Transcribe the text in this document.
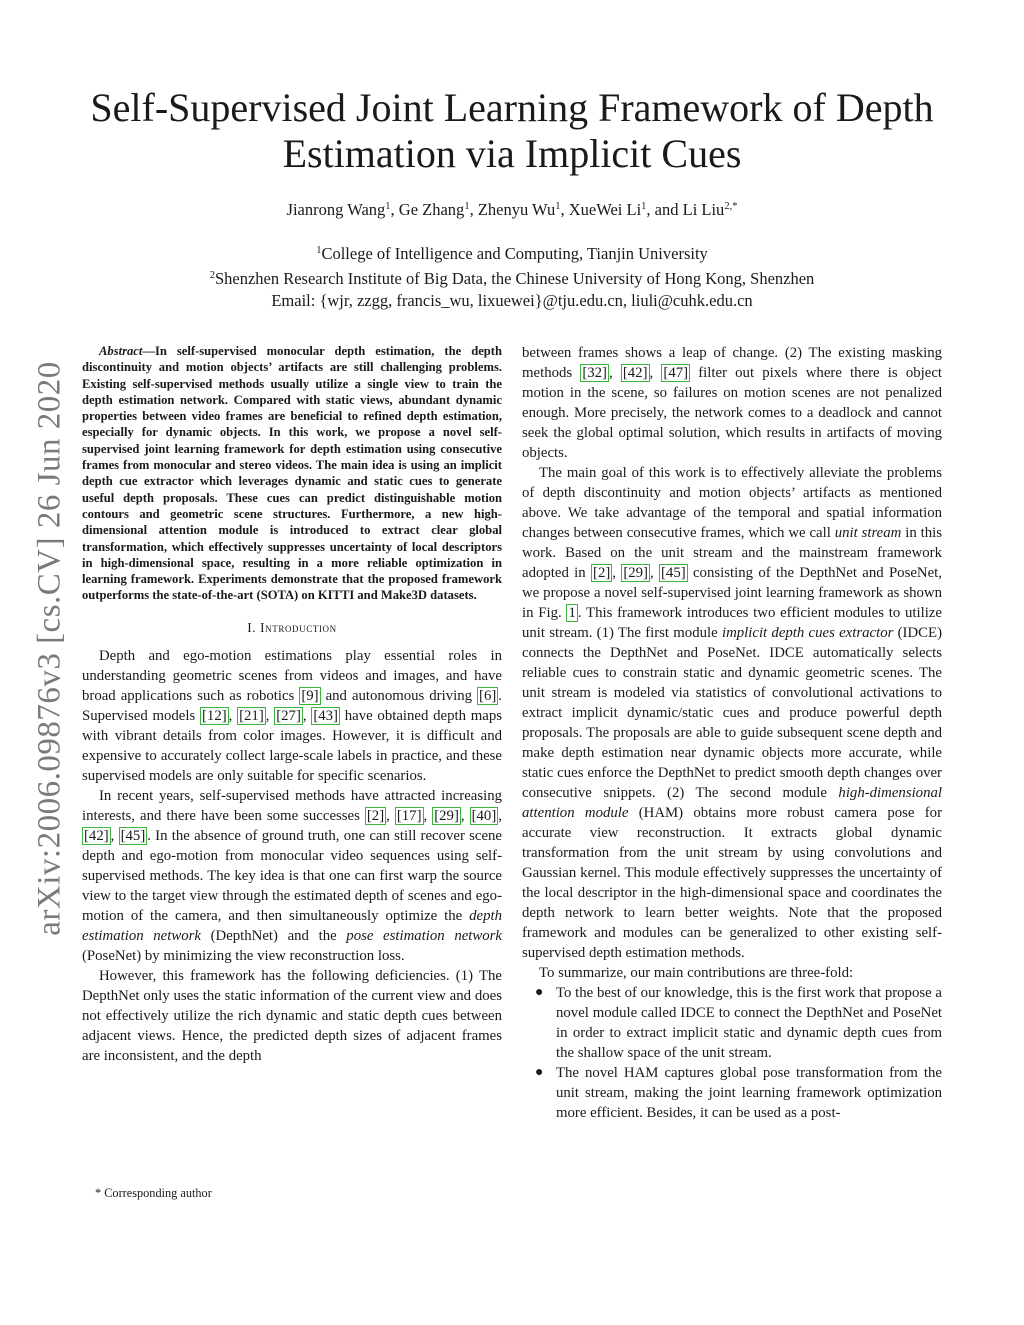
arXiv:2006.09876v3 [cs.CV] 26 Jun 2020
Self-Supervised Joint Learning Framework of Depth Estimation via Implicit Cues
Jianrong Wang$^1$, Ge Zhang$^1$, Zhenyu Wu$^1$, XueWei Li$^1$, and Li Liu$^{2,*}$
$^1$College of Intelligence and Computing, Tianjin University
$^2$Shenzhen Research Institute of Big Data, the Chinese University of Hong Kong, Shenzhen
Email: {wjr, zzgg, francis_wu, lixuewei}@tju.edu.cn, liuli@cuhk.edu.cn

Abstract—In self-supervised monocular depth estimation, the depth discontinuity and motion objects’ artifacts are still challenging problems. Existing self-supervised methods usually utilize a single view to train the depth estimation network. Compared with static views, abundant dynamic properties between video frames are beneficial to refined depth estimation, especially for dynamic objects. In this work, we propose a novel self-supervised joint learning framework for depth estimation using consecutive frames from monocular and stereo videos. The main idea is using an implicit depth cue extractor which leverages dynamic and static cues to generate useful depth proposals. These cues can predict distinguishable motion contours and geometric scene structures. Furthermore, a new high-dimensional attention module is introduced to extract clear global transformation, which effectively suppresses uncertainty of local descriptors in high-dimensional space, resulting in a more reliable optimization in learning framework. Experiments demonstrate that the proposed framework outperforms the state-of-the-art (SOTA) on KITTI and Make3D datasets.

I. Introduction

Depth and ego-motion estimations play essential roles in understanding geometric scenes from videos and images, and have broad applications such as robotics [9] and autonomous driving [6] . Supervised models [12] , [21] , [27] , [43] have obtained depth maps with vibrant details from color images. However, it is difficult and expensive to accurately collect large-scale labels in practice, and these supervised models are only suitable for specific scenarios.

In recent years, self-supervised methods have attracted increasing interests, and there have been some successes [2] , [17] , [29] , [40] , [42] , [45] . In the absence of ground truth, one can still recover scene depth and ego-motion from monocular video sequences using self-supervised methods. The key idea is that one can first warp the source view to the target view through the estimated depth of scenes and ego-motion of the camera, and then simultaneously optimize the depth estimation network (DepthNet) and the pose estimation network (PoseNet) by minimizing the view reconstruction loss.

However, this framework has the following deficiencies. (1) The DepthNet only uses the static information of the current view and does not effectively utilize the rich dynamic and static depth cues between adjacent views. Hence, the predicted depth sizes of adjacent frames are inconsistent, and the depth

between frames shows a leap of change. (2) The existing masking methods [32] , [42] , [47] filter out pixels where there is object motion in the scene, so failures on motion scenes are not penalized enough. More precisely, the network comes to a deadlock and cannot seek the global optimal solution, which results in artifacts of moving objects.

The main goal of this work is to effectively alleviate the problems of depth discontinuity and motion objects’ artifacts as mentioned above. We take advantage of the temporal and spatial information changes between consecutive frames, which we call unit stream in this work. Based on the unit stream and the mainstream framework adopted in [2] , [29] , [45] consisting of the DepthNet and PoseNet, we propose a novel self-supervised joint learning framework as shown in Fig. 1 . This framework introduces two efficient modules to utilize unit stream. (1) The first module implicit depth cues extractor (IDCE) connects the DepthNet and PoseNet. IDCE automatically selects reliable cues to constrain static and dynamic geometric scenes. The unit stream is modeled via statistics of convolutional activations to extract implicit dynamic/static cues and produce powerful depth proposals. The proposals are able to guide subsequent scene depth and make depth estimation near dynamic objects more accurate, while static cues enforce the DepthNet to predict smooth depth changes over consecutive snippets. (2) The second module high-dimensional attention module (HAM) obtains more robust camera pose for accurate view reconstruction. It extracts global dynamic transformation from the unit stream by using convolutions and Gaussian kernel. This module effectively suppresses the uncertainty of the local descriptor in the high-dimensional space and coordinates the depth network to learn better weights. Note that the proposed framework and modules can be generalized to other existing self-supervised depth estimation methods.

To summarize, our main contributions are three-fold:

● To the best of our knowledge, this is the first work that propose a novel module called IDCE to connect the DepthNet and PoseNet in order to extract implicit static and dynamic depth cues from the shallow space of the unit stream.
● The novel HAM captures global pose transformation from the unit stream, making the joint learning framework optimization more efficient. Besides, it can be used as a post-
* Corresponding author
